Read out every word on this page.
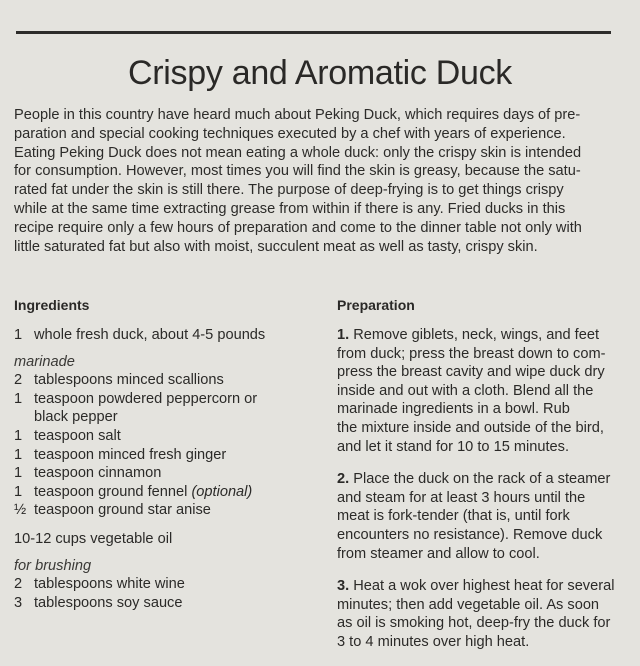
Crispy and Aromatic Duck
People in this country have heard much about Peking Duck, which requires days of pre-
paration and special cooking techniques executed by a chef with years of experience.
Eating Peking Duck does not mean eating a whole duck: only the crispy skin is intended
for consumption. However, most times you will find the skin is greasy, because the satu-
rated fat under the skin is still there. The purpose of deep-frying is to get things crispy
while at the same time extracting grease from within if there is any. Fried ducks in this
recipe require only a few hours of preparation and come to the dinner table not only with
little saturated fat but also with moist, succulent meat as well as tasty, crispy skin.
Ingredients
1 whole fresh duck, about 4-5 pounds
marinade
2 tablespoons minced scallions
1 teaspoon powdered peppercorn or
black pepper
1 teaspoon salt
1 teaspoon minced fresh ginger
1 teaspoon cinnamon
1 teaspoon ground fennel (optional)
½ teaspoon ground star anise
10-12 cups vegetable oil
for brushing
2 tablespoons white wine
3 tablespoons soy sauce
Preparation
1. Remove giblets, neck, wings, and feet
from duck; press the breast down to com-
press the breast cavity and wipe duck dry
inside and out with a cloth. Blend all the
marinade ingredients in a bowl. Rub
the mixture inside and outside of the bird,
and let it stand for 10 to 15 minutes.
2. Place the duck on the rack of a steamer
and steam for at least 3 hours until the
meat is fork-tender (that is, until fork
encounters no resistance). Remove duck
from steamer and allow to cool.
3. Heat a wok over highest heat for several
minutes; then add vegetable oil. As soon
as oil is smoking hot, deep-fry the duck for
3 to 4 minutes over high heat.
